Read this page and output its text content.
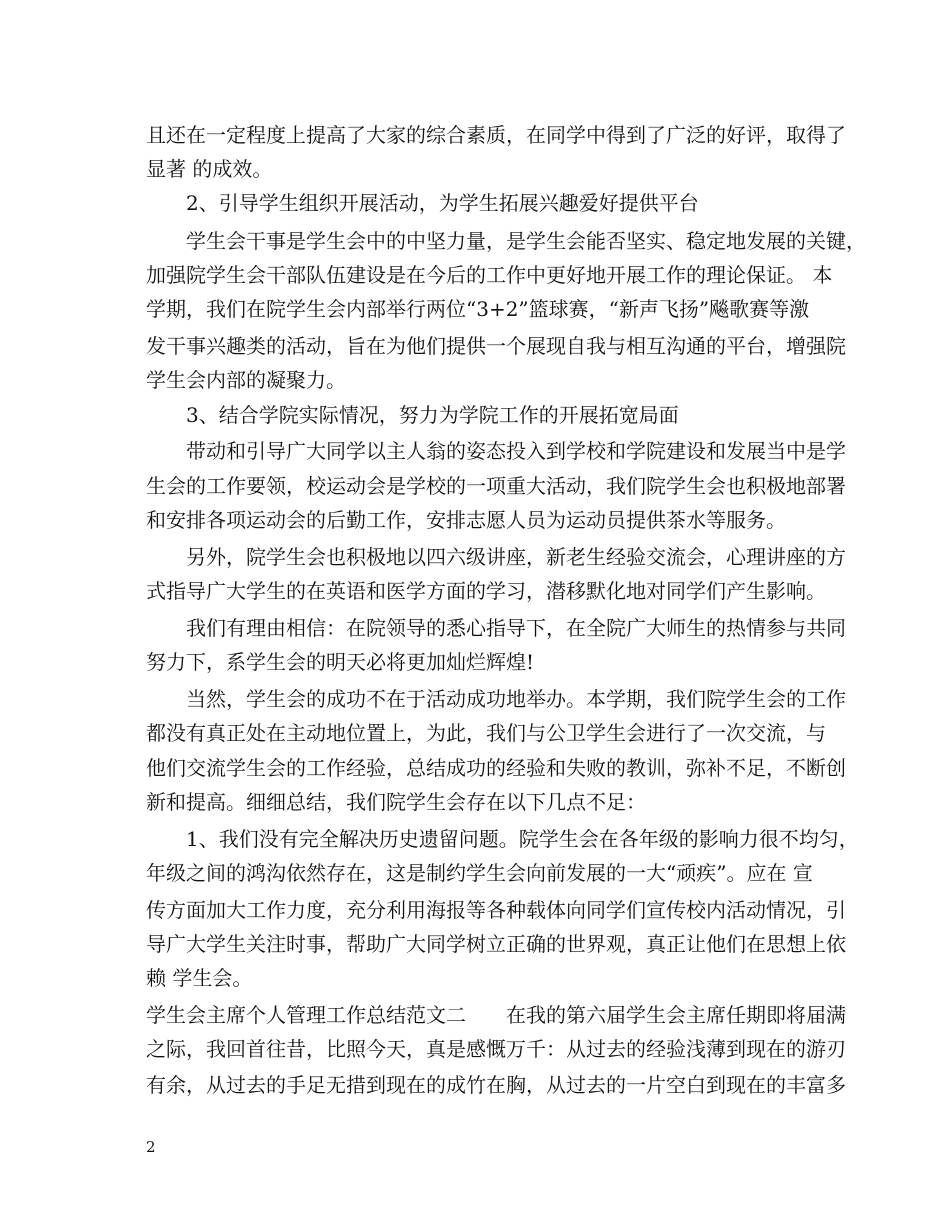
且还在一定程度上提高了大家的综合素质，在同学中得到了广泛的好评，取得了
显著 的成效。
　　2、引导学生组织开展活动，为学生拓展兴趣爱好提供平台
　　学生会干事是学生会中的中坚力量，是学生会能否坚实、稳定地发展的关键，
加强院学生会干部队伍建设是在今后的工作中更好地开展工作的理论保证。 本
学期，我们在院学生会内部举行两位“3+2”篮球赛，“新声飞扬”飚歌赛等激
发干事兴趣类的活动，旨在为他们提供一个展现自我与相互沟通的平台，增强院
学生会内部的凝聚力。
　　3、结合学院实际情况，努力为学院工作的开展拓宽局面
　　带动和引导广大同学以主人翁的姿态投入到学校和学院建设和发展当中是学
生会的工作要领，校运动会是学校的一项重大活动，我们院学生会也积极地部署
和安排各项运动会的后勤工作，安排志愿人员为运动员提供茶水等服务。
　　另外，院学生会也积极地以四六级讲座，新老生经验交流会，心理讲座的方
式指导广大学生的在英语和医学方面的学习，潜移默化地对同学们产生影响。
　　我们有理由相信：在院领导的悉心指导下，在全院广大师生的热情参与共同
努力下，系学生会的明天必将更加灿烂辉煌!
　　当然，学生会的成功不在于活动成功地举办。本学期，我们院学生会的工作
都没有真正处在主动地位置上，为此，我们与公卫学生会进行了一次交流，与
他们交流学生会的工作经验，总结成功的经验和失败的教训，弥补不足，不断创
新和提高。细细总结，我们院学生会存在以下几点不足：
　　1、我们没有完全解决历史遗留问题。院学生会在各年级的影响力很不均匀，
年级之间的鸿沟依然存在，这是制约学生会向前发展的一大“顽疾”。应在 宣
传方面加大工作力度，充分利用海报等各种载体向同学们宣传校内活动情况，引
导广大学生关注时事，帮助广大同学树立正确的世界观，真正让他们在思想上依
赖 学生会。
学生会主席个人管理工作总结范文二　　在我的第六届学生会主席任期即将届满
之际，我回首往昔，比照今天，真是感慨万千：从过去的经验浅薄到现在的游刃
有余，从过去的手足无措到现在的成竹在胸，从过去的一片空白到现在的丰富多
2
